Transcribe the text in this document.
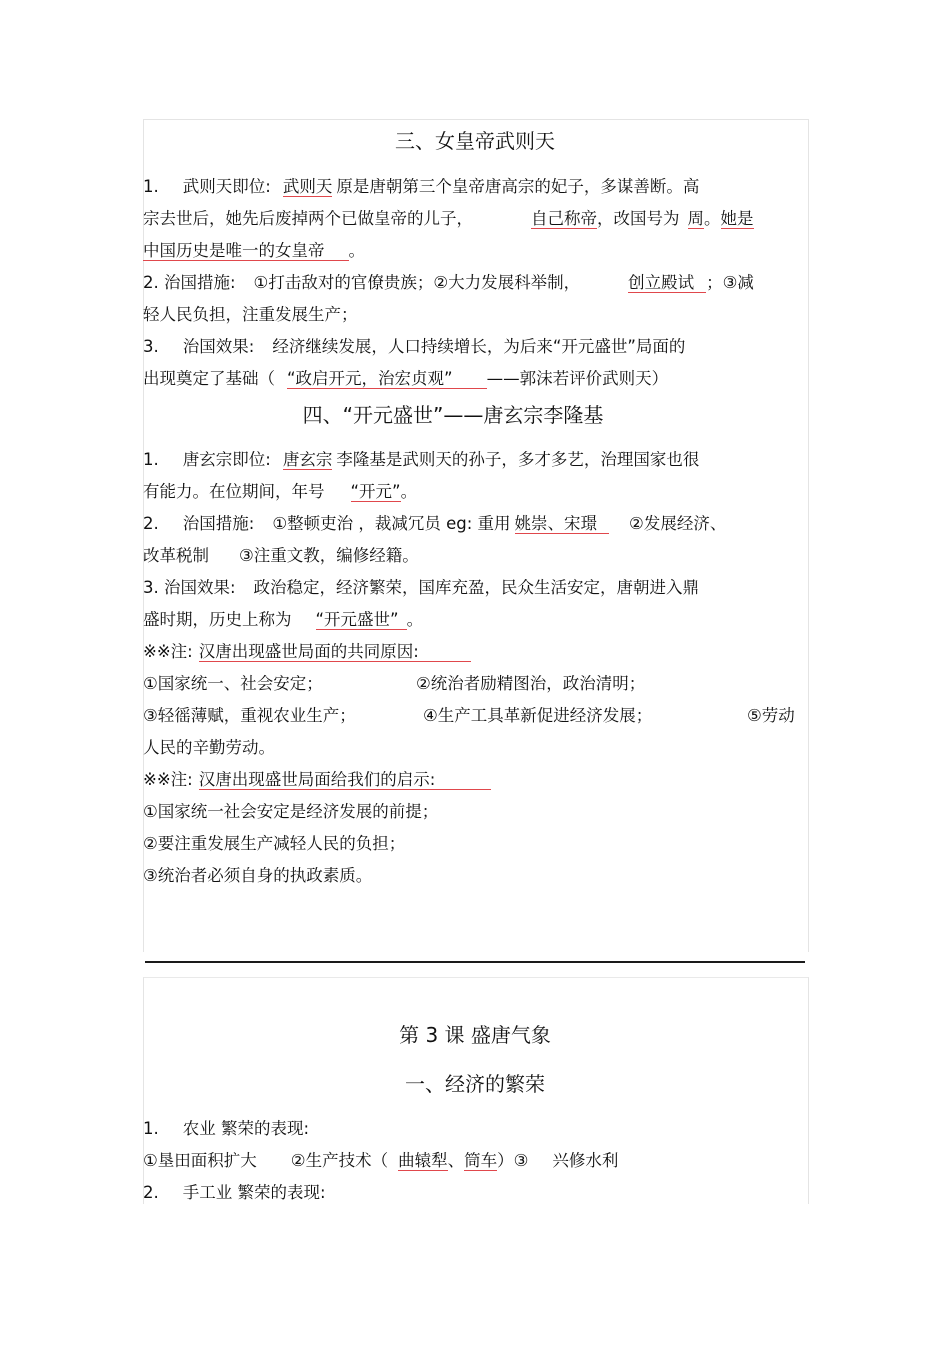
三、女皇帝武则天
1. 武则天即位: 武则天 原是唐朝第三个皇帝唐高宗的妃子，多谋善断。高
宗去世后，她先后废掉两个已做皇帝的儿子，	自己称帝，改国号为 周。她是
中国历史是唯一的女皇帝 。
2. 治国措施: ①打击敌对的官僚贵族；②大力发展科举制，	创立殿试 ；③减
轻人民负担，注重发展生产；
3. 治国效果: 经济继续发展，人口持续增长，为后来“开元盛世”局面的
出现奠定了基础（ “政启开元，治宏贞观” ——郭沫若评价武则天）
四、“开元盛世”——唐玄宗李隆基
1. 唐玄宗即位: 唐玄宗 李隆基是武则天的孙子，多才多艺，治理国家也很
有能力。在位期间，年号 “开元”。
2. 治国措施: ①整顿吏治 ，裁减冗员 eg: 重用 姚崇、宋璟 ②发展经济、
改革税制 ③注重文教，编修经籍。
3. 治国效果: 政治稳定，经济繁荣，国库充盈，民众生活安定，唐朝进入鼎
盛时期，历史上称为 “开元盛世” 。
※※注: 汉唐出现盛世局面的共同原因:
①国家统一、社会安定；	②统治者励精图治，政治清明；
③轻徭薄赋，重视农业生产；	④生产工具革新促进经济发展；	⑤劳动
人民的辛勤劳动。
※※注: 汉唐出现盛世局面给我们的启示:
①国家统一社会安定是经济发展的前提；
②要注重发展生产减轻人民的负担；
③统治者必须自身的执政素质。
第 3 课 盛唐气象
一、经济的繁荣
1. 农业 繁荣的表现:
①垦田面积扩大 ②生产技术（ 曲辕犁、筒车）③ 兴修水利
2. 手工业 繁荣的表现:
